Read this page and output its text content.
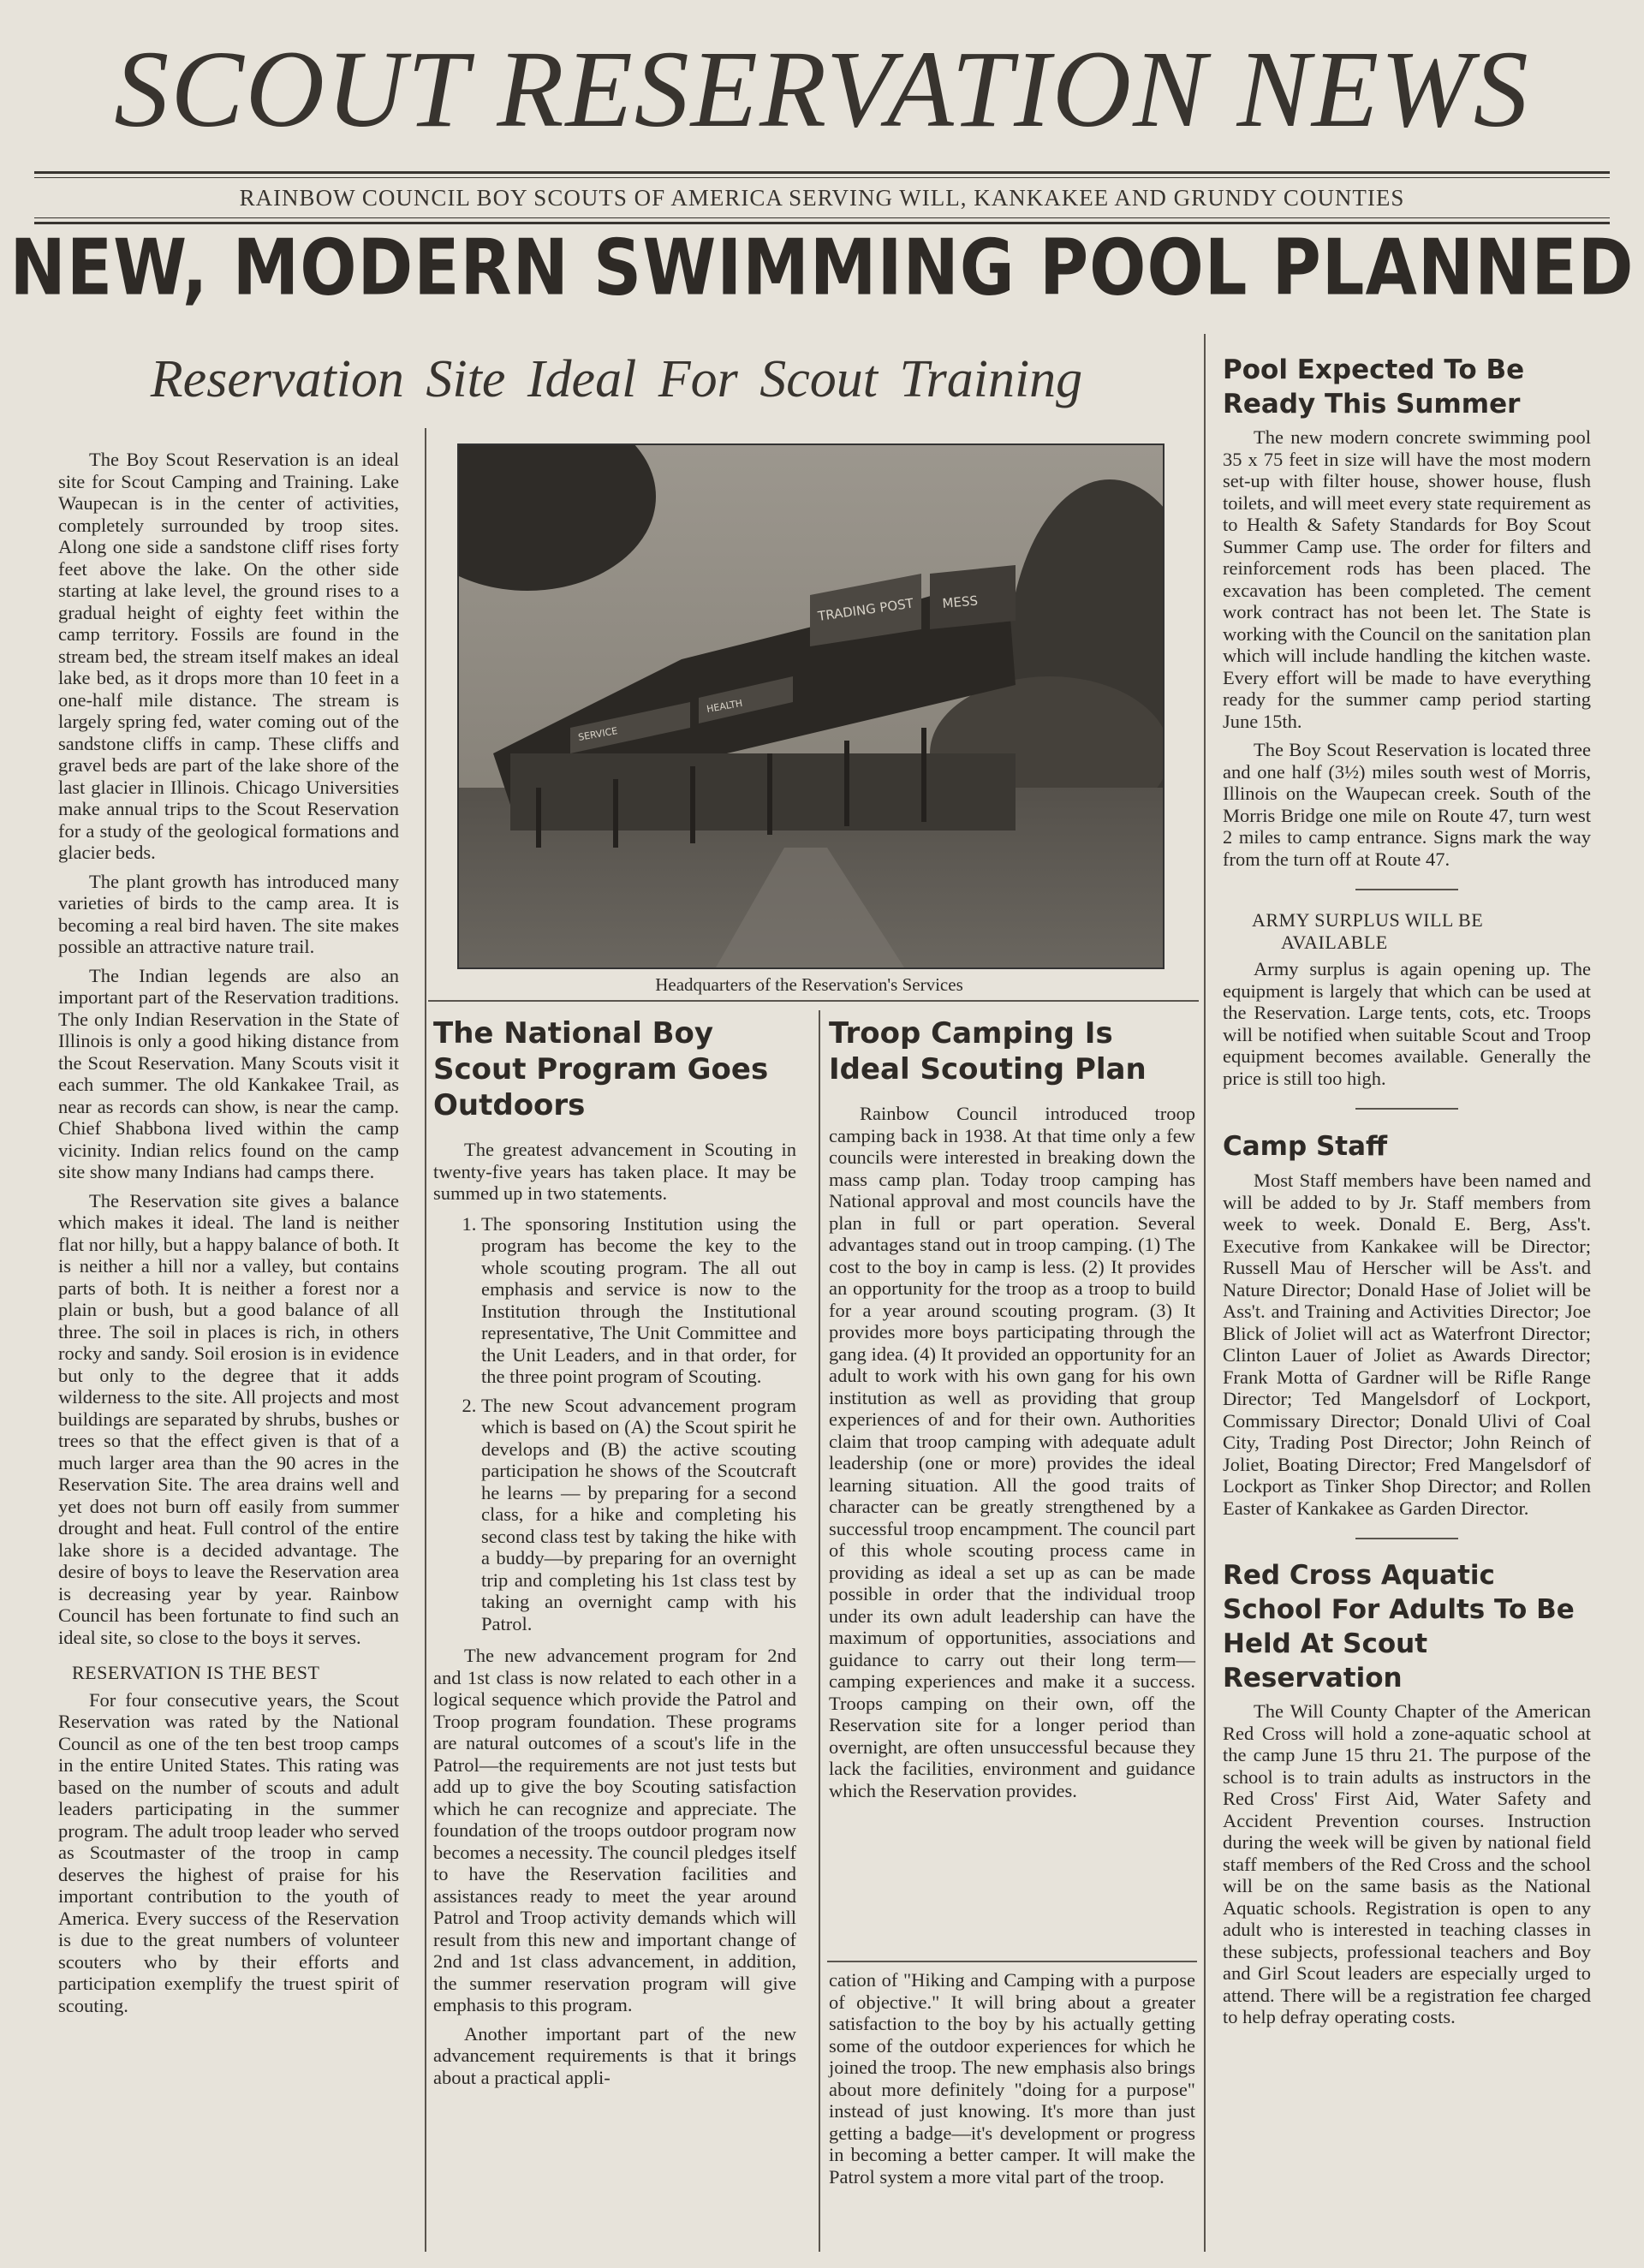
SCOUT RESERVATION NEWS
RAINBOW COUNCIL BOY SCOUTS OF AMERICA SERVING WILL, KANKAKEE AND GRUNDY COUNTIES
NEW, MODERN SWIMMING POOL PLANNED
Reservation Site Ideal For Scout Training

The Boy Scout Reservation is an ideal site for Scout Camping and Training. Lake Waupecan is in the center of activities, completely surrounded by troop sites. Along one side a sandstone cliff rises forty feet above the lake. On the other side starting at lake level, the ground rises to a gradual height of eighty feet within the camp territory. Fossils are found in the stream bed, the stream itself makes an ideal lake bed, as it drops more than 10 feet in a one-half mile distance. The stream is largely spring fed, water coming out of the sandstone cliffs in camp. These cliffs and gravel beds are part of the lake shore of the last glacier in Illinois. Chicago Universities make annual trips to the Scout Reservation for a study of the geological formations and glacier beds.

The plant growth has introduced many varieties of birds to the camp area. It is becoming a real bird haven. The site makes possible an attractive nature trail.

The Indian legends are also an important part of the Reservation traditions. The only Indian Reservation in the State of Illinois is only a good hiking distance from the Scout Reservation. Many Scouts visit it each summer. The old Kankakee Trail, as near as records can show, is near the camp. Chief Shabbona lived within the camp vicinity. Indian relics found on the camp site show many Indians had camps there.

The Reservation site gives a balance which makes it ideal. The land is neither flat nor hilly, but a happy balance of both. It is neither a hill nor a valley, but contains parts of both. It is neither a forest nor a plain or bush, but a good balance of all three. The soil in places is rich, in others rocky and sandy. Soil erosion is in evidence but only to the degree that it adds wilderness to the site. All projects and most buildings are separated by shrubs, bushes or trees so that the effect given is that of a much larger area than the 90 acres in the Reservation Site. The area drains well and yet does not burn off easily from summer drought and heat. Full control of the entire lake shore is a decided advantage. The desire of boys to leave the Reservation area is decreasing year by year. Rainbow Council has been fortunate to find such an ideal site, so close to the boys it serves.

RESERVATION IS THE BEST

For four consecutive years, the Scout Reservation was rated by the National Council as one of the ten best troop camps in the entire United States. This rating was based on the number of scouts and adult leaders participating in the summer program. The adult troop leader who served as Scoutmaster of the troop in camp deserves the highest of praise for his important contribution to the youth of America. Every success of the Reservation is due to the great numbers of volunteer scouters who by their efforts and participation exemplify the truest spirit of scouting.

TRADING POST MESS
SERVICE
HEALTH
Headquarters of the Reservation's Services
The National Boy Scout Program Goes Outdoors

The greatest advancement in Scouting in twenty-five years has taken place. It may be summed up in two statements.

1. The sponsoring Institution using the program has become the key to the whole scouting program. The all out emphasis and service is now to the Institution through the Institutional representative, The Unit Committee and the Unit Leaders, and in that order, for the three point program of Scouting.
2. The new Scout advancement program which is based on (A) the Scout spirit he develops and (B) the active scouting participation he shows of the Scoutcraft he learns — by preparing for a second class, for a hike and completing his second class test by taking the hike with a buddy—by preparing for an overnight trip and completing his 1st class test by taking an overnight camp with his Patrol.

The new advancement program for 2nd and 1st class is now related to each other in a logical sequence which provide the Patrol and Troop program foundation. These programs are natural outcomes of a scout's life in the Patrol—the requirements are not just tests but add up to give the boy Scouting satisfaction which he can recognize and appreciate. The foundation of the troops outdoor program now becomes a necessity. The council pledges itself to have the Reservation facilities and assistances ready to meet the year around Patrol and Troop activity demands which will result from this new and important change of 2nd and 1st class advancement, in addition, the summer reservation program will give emphasis to this program.

Another important part of the new advancement requirements is that it brings about a practical appli-

Troop Camping Is Ideal Scouting Plan

Rainbow Council introduced troop camping back in 1938. At that time only a few councils were interested in breaking down the mass camp plan. Today troop camping has National approval and most councils have the plan in full or part operation. Several advantages stand out in troop camping. (1) The cost to the boy in camp is less. (2) It provides an opportunity for the troop as a troop to build for a year around scouting program. (3) It provides more boys participating through the gang idea. (4) It provided an opportunity for an adult to work with his own gang for his own institution as well as providing that group experiences of and for their own. Authorities claim that troop camping with adequate adult leadership (one or more) provides the ideal learning situation. All the good traits of character can be greatly strengthened by a successful troop encampment. The council part of this whole scouting process came in providing as ideal a set up as can be made possible in order that the individual troop under its own adult leadership can have the maximum of opportunities, associations and guidance to carry out their long term—camping experiences and make it a success. Troops camping on their own, off the Reservation site for a longer period than overnight, are often unsuccessful because they lack the facilities, environment and guidance which the Reservation provides.

cation of "Hiking and Camping with a purpose of objective." It will bring about a greater satisfaction to the boy by his actually getting some of the outdoor experiences for which he joined the troop. The new emphasis also brings about more definitely "doing for a purpose" instead of just knowing. It's more than just getting a badge—it's development or progress in becoming a better camper. It will make the Patrol system a more vital part of the troop.

Pool Expected To Be Ready This Summer

The new modern concrete swimming pool 35 x 75 feet in size will have the most modern set-up with filter house, shower house, flush toilets, and will meet every state requirement as to Health & Safety Standards for Boy Scout Summer Camp use. The order for filters and reinforcement rods has been placed. The excavation has been completed. The cement work contract has not been let. The State is working with the Council on the sanitation plan which will include handling the kitchen waste. Every effort will be made to have everything ready for the summer camp period starting June 15th.

The Boy Scout Reservation is located three and one half (3½) miles south west of Morris, Illinois on the Waupecan creek. South of the Morris Bridge one mile on Route 47, turn west 2 miles to camp entrance. Signs mark the way from the turn off at Route 47.

ARMY SURPLUS WILL BE AVAILABLE

Army surplus is again opening up. The equipment is largely that which can be used at the Reservation. Large tents, cots, etc. Troops will be notified when suitable Scout and Troop equipment becomes available. Generally the price is still too high.

Camp Staff

Most Staff members have been named and will be added to by Jr. Staff members from week to week. Donald E. Berg, Ass't. Executive from Kankakee will be Director; Russell Mau of Herscher will be Ass't. and Nature Director; Donald Hase of Joliet will be Ass't. and Training and Activities Director; Joe Blick of Joliet will act as Waterfront Director; Clinton Lauer of Joliet as Awards Director; Frank Motta of Gardner will be Rifle Range Director; Ted Mangelsdorf of Lockport, Commissary Director; Donald Ulivi of Coal City, Trading Post Director; John Reinch of Joliet, Boating Director; Fred Mangelsdorf of Lockport as Tinker Shop Director; and Rollen Easter of Kankakee as Garden Director.

Red Cross Aquatic School For Adults To Be Held At Scout Reservation

The Will County Chapter of the American Red Cross will hold a zone-aquatic school at the camp June 15 thru 21. The purpose of the school is to train adults as instructors in the Red Cross' First Aid, Water Safety and Accident Prevention courses. Instruction during the week will be given by national field staff members of the Red Cross and the school will be on the same basis as the National Aquatic schools. Registration is open to any adult who is interested in teaching classes in these subjects, professional teachers and Boy and Girl Scout leaders are especially urged to attend. There will be a registration fee charged to help defray operating costs.
